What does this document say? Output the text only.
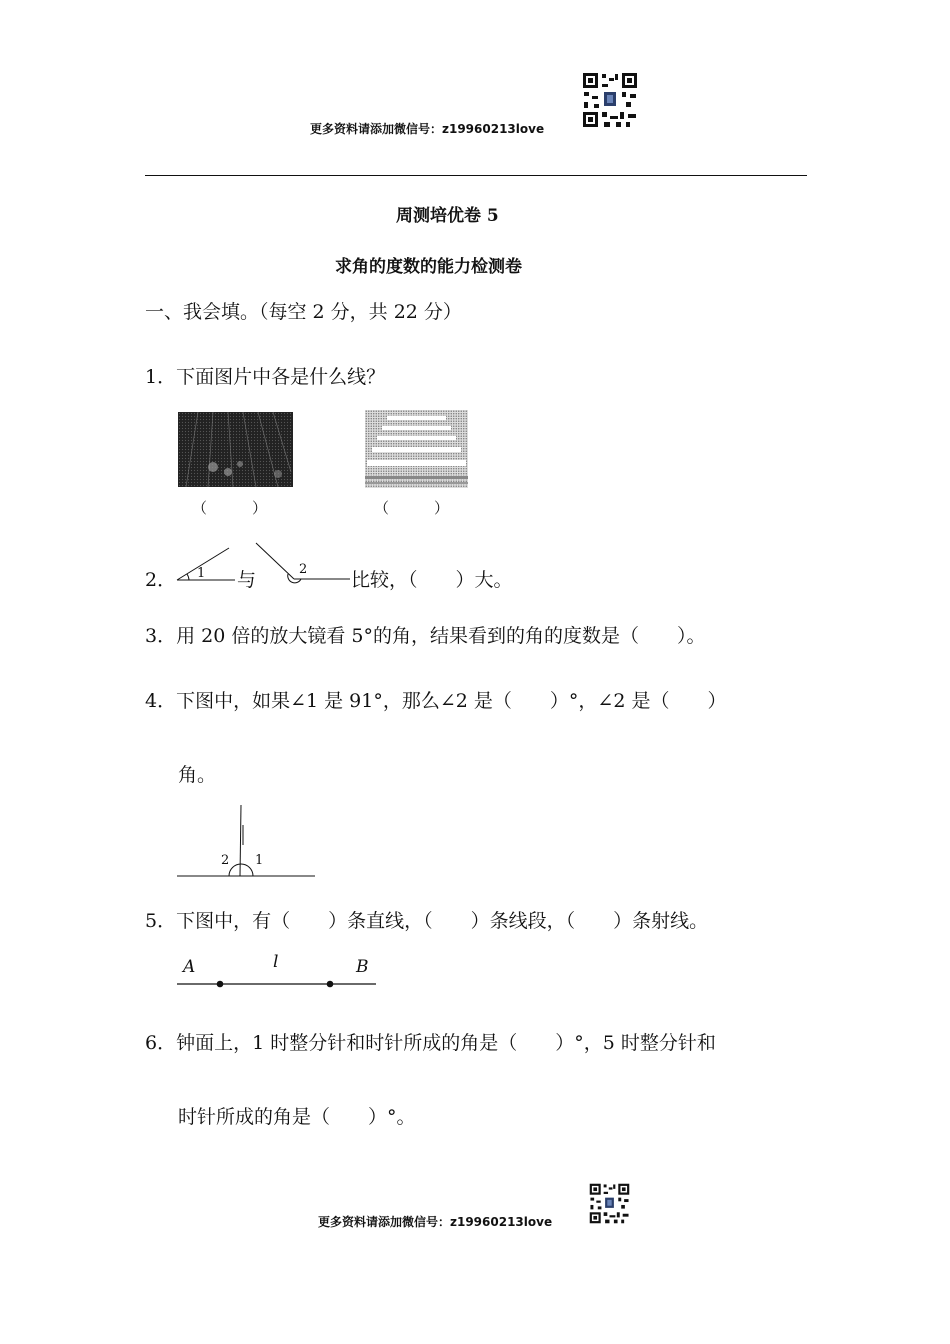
更多资料请添加微信号：z19960213love
周测培优卷 5
求角的度数的能力检测卷
一、我会填。（每空 2 分，共 22 分）
1．下面图片中各是什么线？
（　　　）	（　　　）
2． 1 与	2 比较，（　　）大。
3．用 20 倍的放大镜看 5°的角，结果看到的角的度数是（　　）。
4．下图中，如果∠1 是 91°，那么∠2 是（　　）°，∠2 是（　　）
角。
2 1
5．下图中，有（　　）条直线，（　　）条线段，（　　）条射线。
A	l	B
6．钟面上，1 时整分针和时针所成的角是（　　）°，5 时整分针和
时针所成的角是（　　）°。
更多资料请添加微信号：z19960213love
